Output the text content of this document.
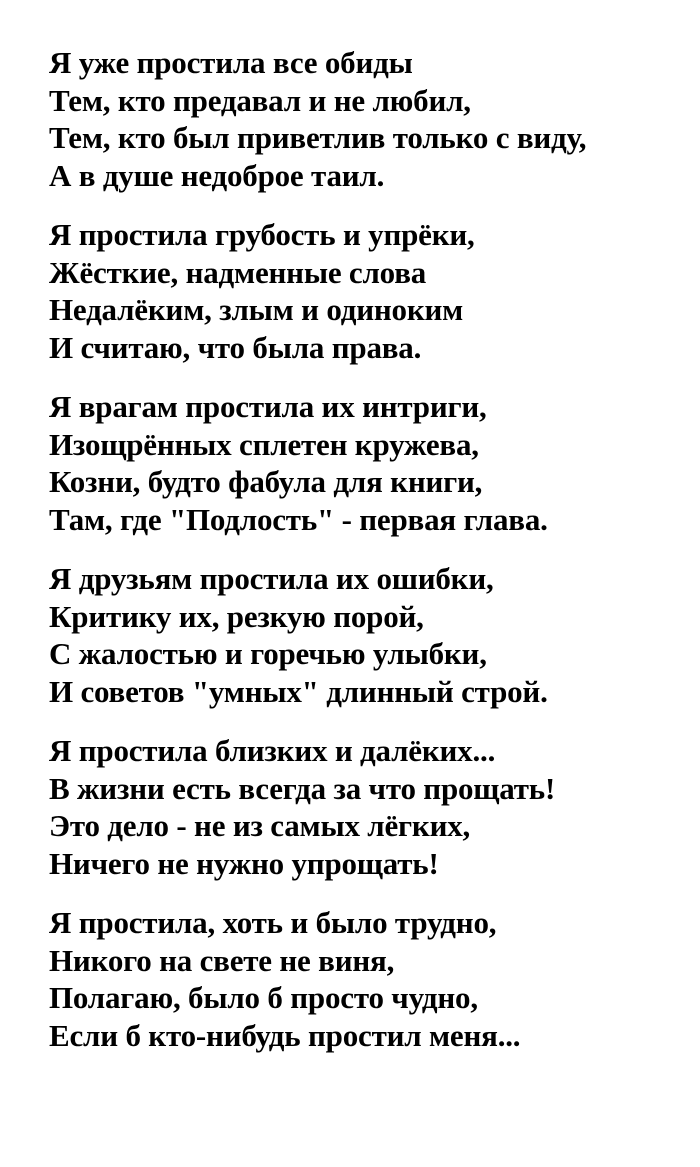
Я уже простила все обиды
Тем, кто предавал и не любил,
Тем, кто был приветлив только с виду,
А в душе недоброе таил.
Я простила грубость и упрёки,
Жёсткие, надменные слова
Недалёким, злым и одиноким
И считаю, что была права.
Я врагам простила их интриги,
Изощрённых сплетен кружева,
Козни, будто фабула для книги,
Там, где "Подлость" - первая глава.
Я друзьям простила их ошибки,
Критику их, резкую порой,
С жалостью и горечью улыбки,
И советов "умных" длинный строй.
Я простила близких и далёких...
В жизни есть всегда за что прощать!
Это дело - не из самых лёгких,
Ничего не нужно упрощать!
Я простила, хоть и было трудно,
Никого на свете не виня,
Полагаю, было б просто чудно,
Если б кто-нибудь простил меня...
